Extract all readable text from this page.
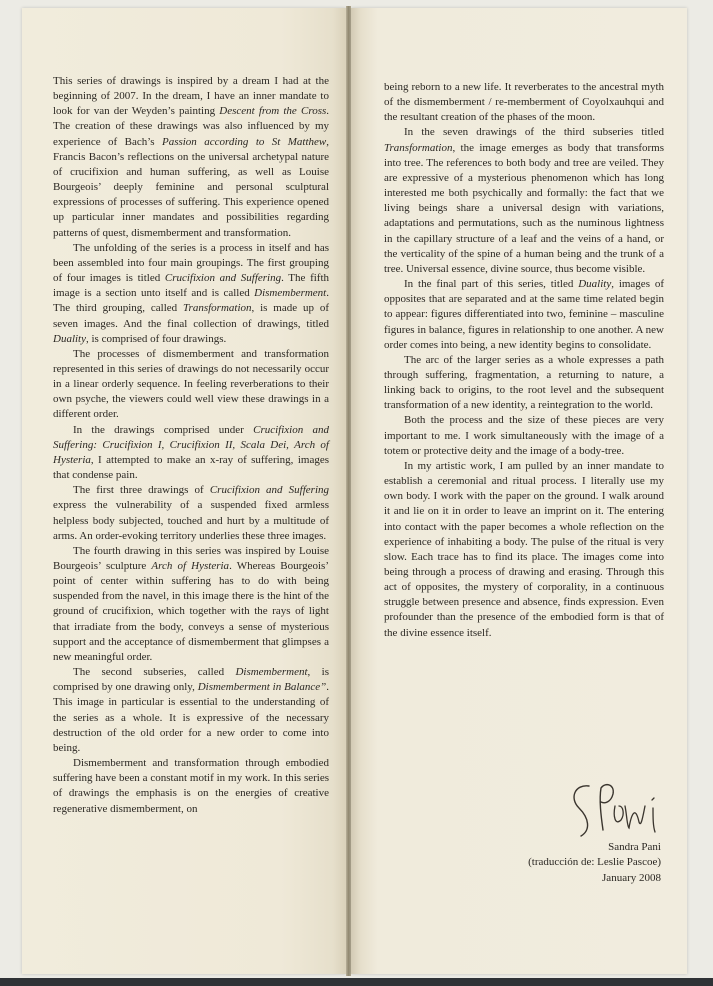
This series of drawings is inspired by a dream I had at the beginning of 2007. In the dream, I have an inner mandate to look for van der Weyden’s painting Descent from the Cross. The creation of these drawings was also influenced by my experience of Bach’s Passion according to St Matthew, Francis Bacon’s reflections on the universal archetypal nature of crucifixion and human suffering, as well as Louise Bourgeois’ deeply feminine and personal sculptural expressions of processes of suffering. This experience opened up particular inner mandates and possibilities regarding patterns of quest, dismemberment and transformation.

The unfolding of the series is a process in itself and has been assembled into four main groupings. The first grouping of four images is titled Crucifixion and Suffering. The fifth image is a section unto itself and is called Dismemberment. The third grouping, called Transformation, is made up of seven images. And the final collection of drawings, titled Duality, is comprised of four drawings.

The processes of dismemberment and transformation represented in this series of drawings do not necessarily occur in a linear orderly sequence. In feeling reverberations to their own psyche, the viewers could well view these drawings in a different order.

In the drawings comprised under Crucifixion and Suffering: Crucifixion I, Crucifixion II, Scala Dei, Arch of Hysteria, I attempted to make an x-ray of suffering, images that condense pain.

The first three drawings of Crucifixion and Suffering express the vulnerability of a suspended fixed armless helpless body subjected, touched and hurt by a multitude of arms. An order-evoking territory underlies these three images.

The fourth drawing in this series was inspired by Louise Bourgeois’ sculpture Arch of Hysteria. Whereas Bourgeois’ point of center within suffering has to do with being suspended from the navel, in this image there is the hint of the ground of crucifixion, which together with the rays of light that irradiate from the body, conveys a sense of mysterious support and the acceptance of dismemberment that glimpses a new meaningful order.

The second subseries, called Dismemberment, is comprised by one drawing only, Dismemberment in Balance”. This image in particular is essential to the understanding of the series as a whole. It is expressive of the necessary destruction of the old order for a new order to come into being.

Dismemberment and transformation through embodied suffering have been a constant motif in my work. In this series of drawings the emphasis is on the energies of creative regenerative dismemberment, on

being reborn to a new life. It reverberates to the ancestral myth of the dismemberment / re-memberment of Coyolxauhqui and the resultant creation of the phases of the moon.

In the seven drawings of the third subseries titled Transformation, the image emerges as body that transforms into tree. The references to both body and tree are veiled. They are expressive of a mysterious phenomenon which has long interested me both psychically and formally: the fact that we living beings share a universal design with variations, adaptations and permutations, such as the numinous lightness in the capillary structure of a leaf and the veins of a hand, or the verticality of the spine of a human being and the trunk of a tree. Universal essence, divine source, thus become visible.

In the final part of this series, titled Duality, images of opposites that are separated and at the same time related begin to appear: figures differentiated into two, feminine – masculine figures in balance, figures in relationship to one another. A new order comes into being, a new identity begins to consolidate.

The arc of the larger series as a whole expresses a path through suffering, fragmentation, a returning to nature, a linking back to origins, to the root level and the subsequent transformation of a new identity, a reintegration to the world.

Both the process and the size of these pieces are very important to me. I work simultaneously with the image of a totem or protective deity and the image of a body-tree.

In my artistic work, I am pulled by an inner mandate to establish a ceremonial and ritual process. I literally use my own body. I work with the paper on the ground. I walk around it and lie on it in order to leave an imprint on it. The entering into contact with the paper becomes a whole reflection on the experience of inhabiting a body. The pulse of the ritual is very slow. Each trace has to find its place. The images come into being through a process of drawing and erasing. Through this act of opposites, the mystery of corporality, in a continuous struggle between presence and absence, finds expression. Even profounder than the presence of the embodied form is that of the divine essence itself.

Sandra Pani
(traducción de: Leslie Pascoe)
January 2008
